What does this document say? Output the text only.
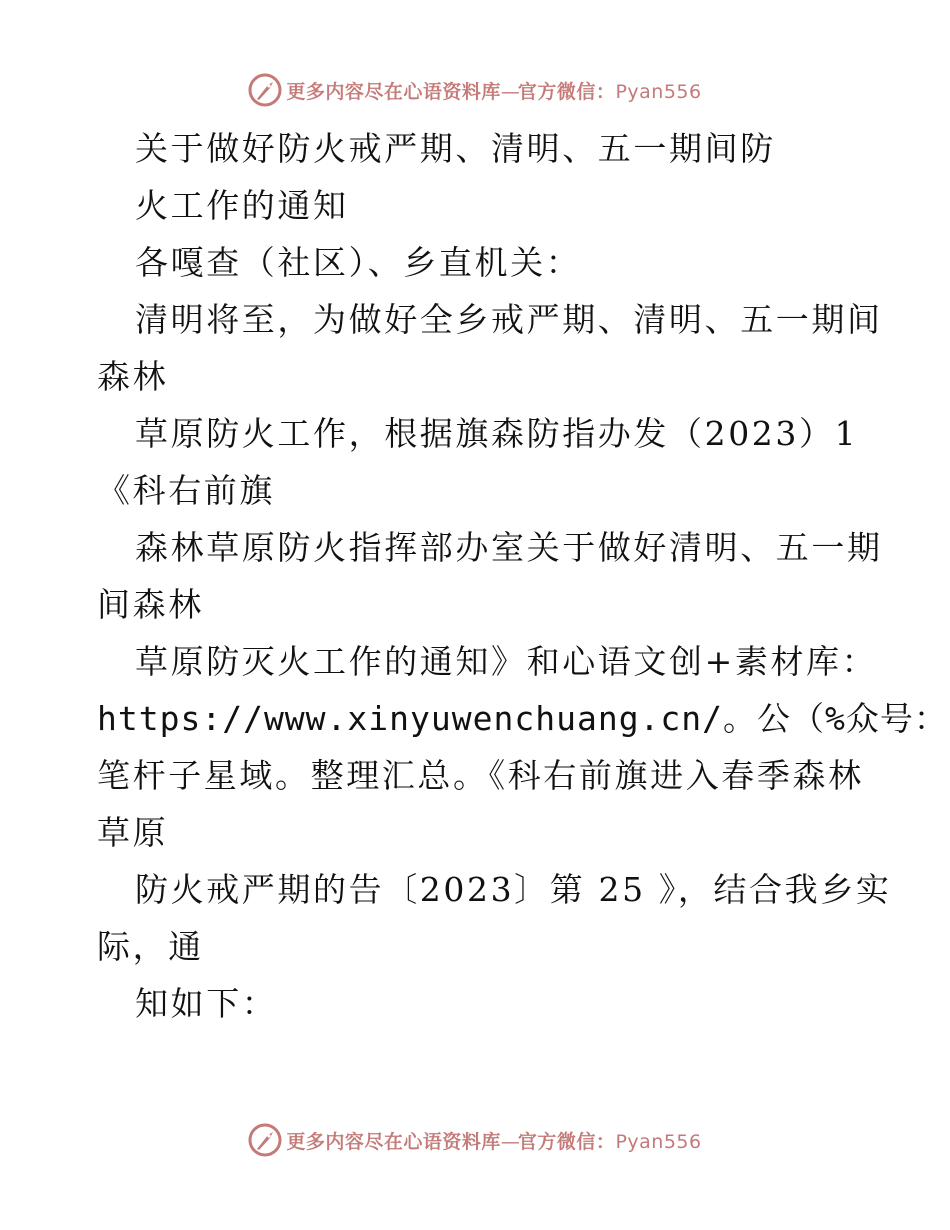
更多内容尽在心语资料库—官方微信：Pyan556
关于做好防火戒严期、清明、五一期间防
火工作的通知
各嘎查（社区）、乡直机关：
清明将至，为做好全乡戒严期、清明、五一期间
森林
草原防火工作，根据旗森防指办发（2023）1
《科右前旗
森林草原防火指挥部办室关于做好清明、五一期
间森林
草原防灭火工作的通知》和心语文创+素材库：
https://www.xinyuwenchuang.cn/。公（%众号：
笔杆子星域。整理汇总。《科右前旗进入春季森林
草原
防火戒严期的告〔2023〕第 25 》，结合我乡实
际，通
知如下：
更多内容尽在心语资料库—官方微信：Pyan556
